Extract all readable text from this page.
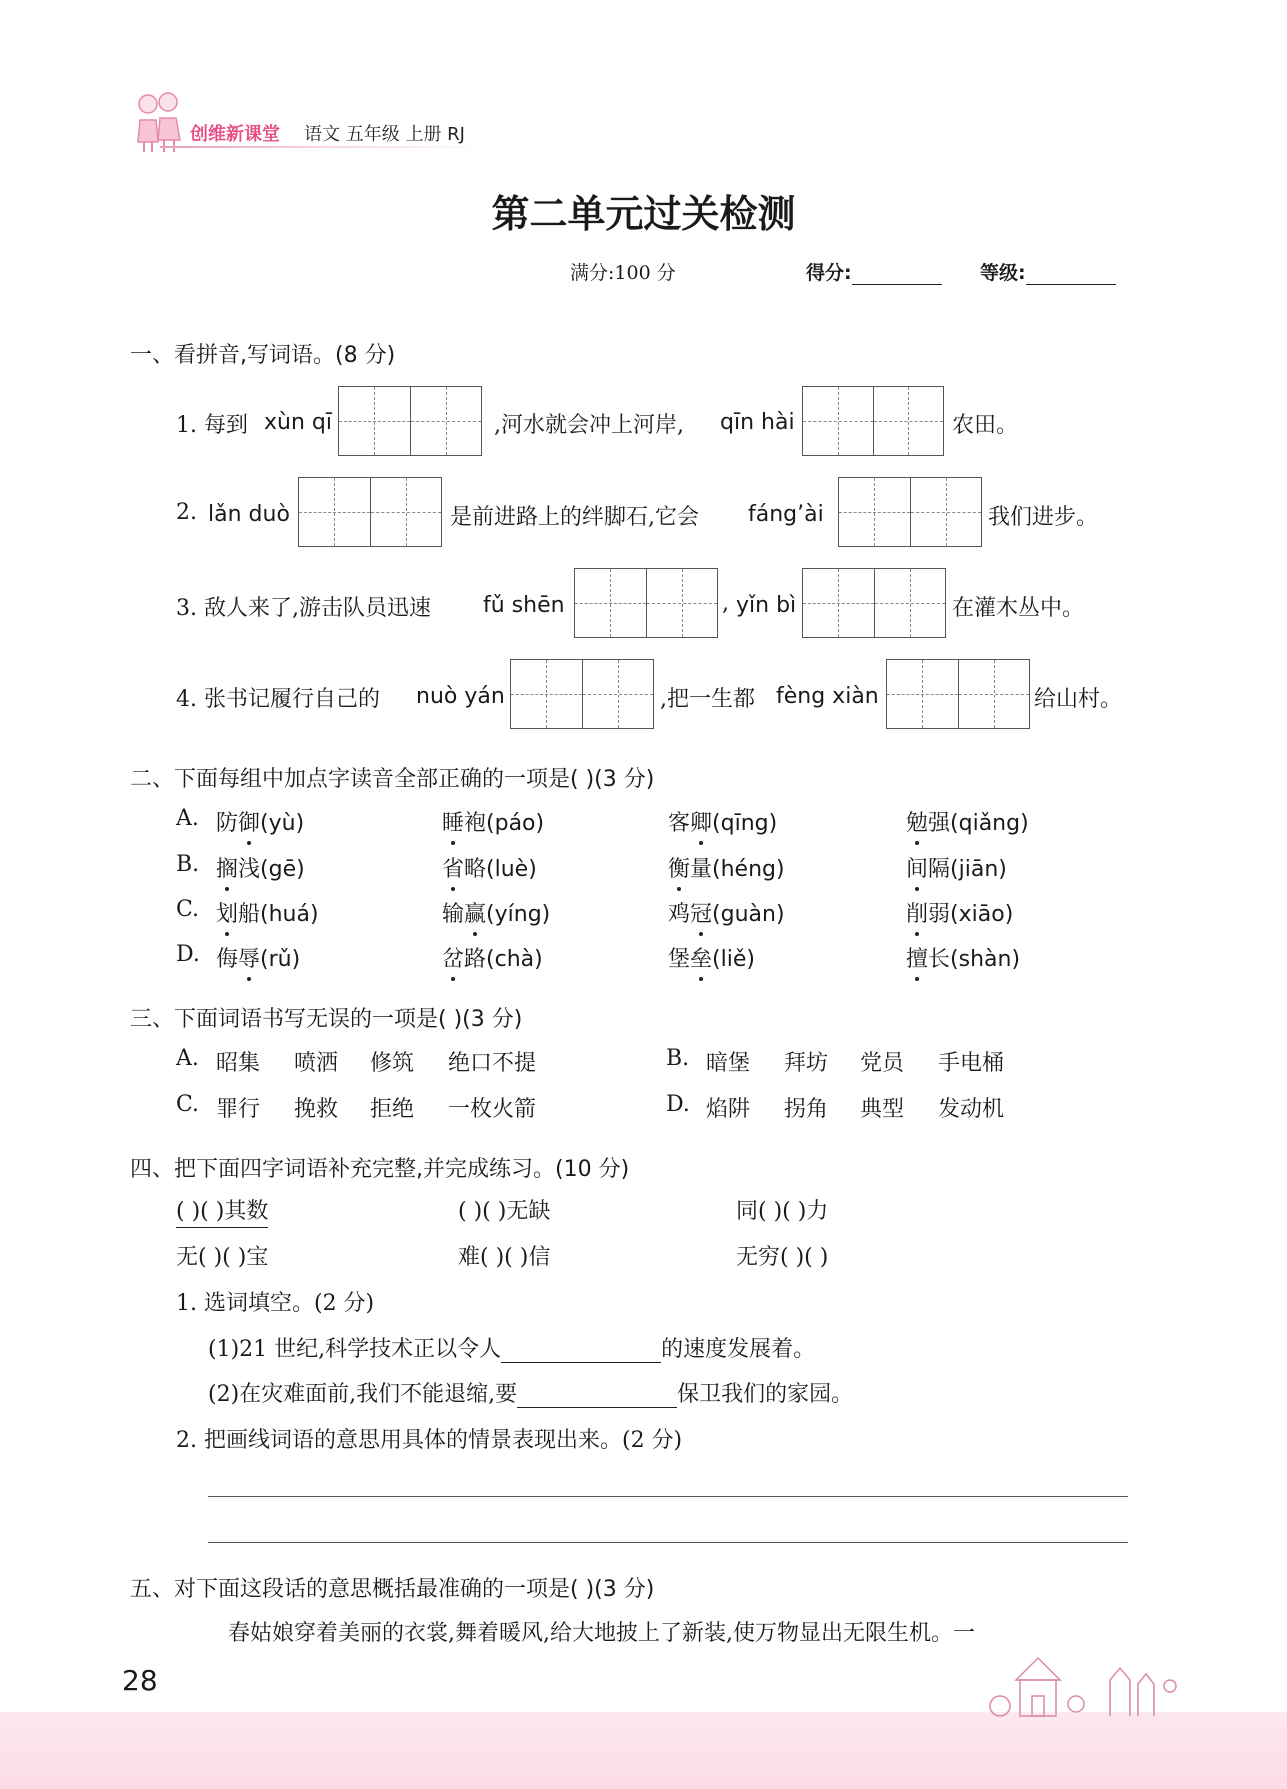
创维新课堂 语文 五年级 上册 RJ
第二单元过关检测
满分:100 分	得分:	等级:
一、看拼音,写词语。(8 分)
1. 每到 xùn qī	,河水就会冲上河岸, qīn hài	农田。
2. lǎn duò	是前进路上的绊脚石,它会 fáng’ài	我们进步。
3. 敌人来了,游击队员迅速 fǔ shēn	, yǐn bì	在灌木丛中。
4. 张书记履行自己的 nuò yán	,把一生都 fèng xiàn	给山村。
二、下面每组中加点字读音全部正确的一项是( )(3 分)
A. 防御(yù)	睡袍(páo)	客卿(qīng)	勉强(qiǎng)
B. 搁浅(gē)	省略(luè)	衡量(héng)	间隔(jiān)
C. 划船(huá)	输赢(yíng)	鸡冠(guàn)	削弱(xiāo)
D. 侮辱(rǔ)	岔路(chà)	堡垒(liě)	擅长(shàn)
三、下面词语书写无误的一项是( )(3 分)
A. 昭集 喷洒 修筑 绝口不提	B. 暗堡 拜坊 党员 手电桶
C. 罪行 挽救 拒绝 一枚火箭	D. 焰阱 拐角 典型 发动机
四、把下面四字词语补充完整,并完成练习。(10 分)
( )( )其数	( )( )无缺	同( )( )力
无( )( )宝	难( )( )信	无穷( )( )
1. 选词填空。(2 分)
(1)21 世纪,科学技术正以令人	的速度发展着。
(2)在灾难面前,我们不能退缩,要	保卫我们的家园。
2. 把画线词语的意思用具体的情景表现出来。(2 分)
五、对下面这段话的意思概括最准确的一项是( )(3 分)
春姑娘穿着美丽的衣裳,舞着暖风,给大地披上了新装,使万物显出无限生机。一
28
